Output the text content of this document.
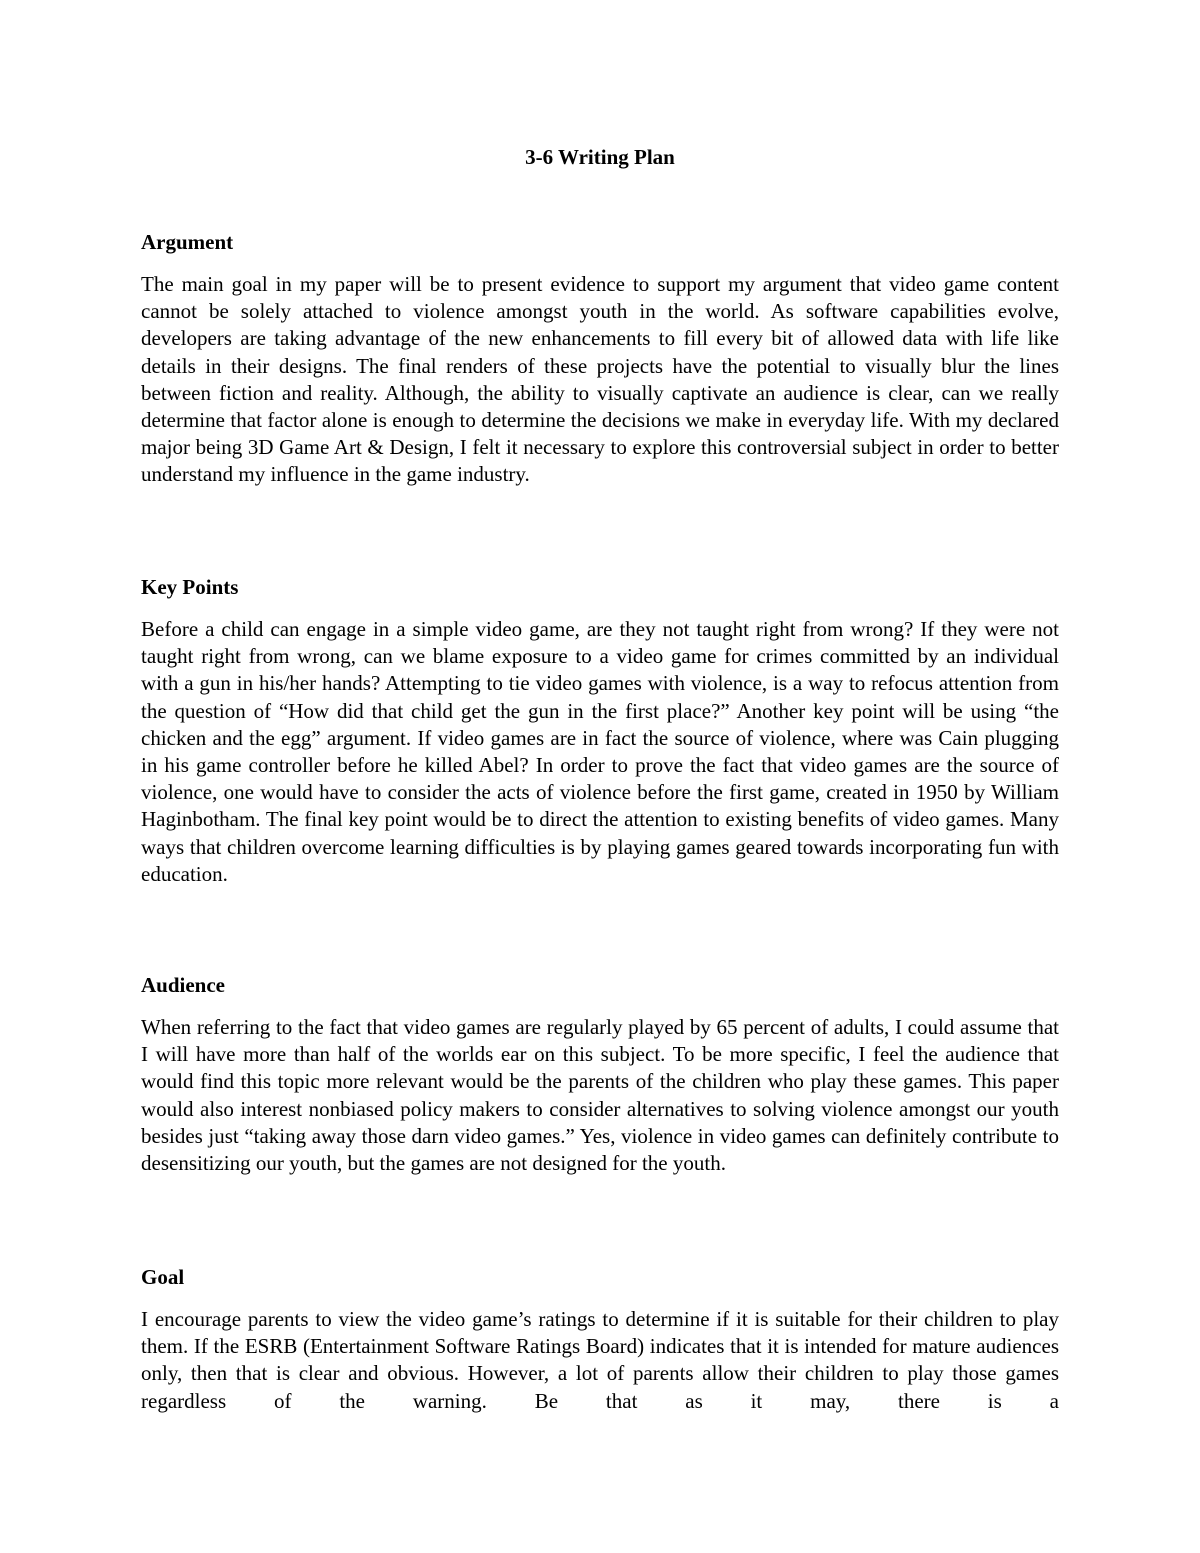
3-6 Writing Plan

Argument

The main goal in my paper will be to present evidence to support my argument that video game content cannot be solely attached to violence amongst youth in the world. As software capabilities evolve, developers are taking advantage of the new enhancements to fill every bit of allowed data with life like details in their designs. The final renders of these projects have the potential to visually blur the lines between fiction and reality. Although, the ability to visually captivate an audience is clear, can we really determine that factor alone is enough to determine the decisions we make in everyday life. With my declared major being 3D Game Art & Design, I felt it necessary to explore this controversial subject in order to better understand my influence in the game industry.

Key Points

Before a child can engage in a simple video game, are they not taught right from wrong? If they were not taught right from wrong, can we blame exposure to a video game for crimes committed by an individual with a gun in his/her hands? Attempting to tie video games with violence, is a way to refocus attention from the question of “How did that child get the gun in the first place?” Another key point will be using “the chicken and the egg” argument. If video games are in fact the source of violence, where was Cain plugging in his game controller before he killed Abel? In order to prove the fact that video games are the source of violence, one would have to consider the acts of violence before the first game, created in 1950 by William Haginbotham. The final key point would be to direct the attention to existing benefits of video games. Many ways that children overcome learning difficulties is by playing games geared towards incorporating fun with education.

Audience

When referring to the fact that video games are regularly played by 65 percent of adults, I could assume that I will have more than half of the worlds ear on this subject. To be more specific, I feel the audience that would find this topic more relevant would be the parents of the children who play these games. This paper would also interest nonbiased policy makers to consider alternatives to solving violence amongst our youth besides just “taking away those darn video games.” Yes, violence in video games can definitely contribute to desensitizing our youth, but the games are not designed for the youth.

Goal

I encourage parents to view the video game’s ratings to determine if it is suitable for their children to play them. If the ESRB (Entertainment Software Ratings Board) indicates that it is intended for mature audiences only, then that is clear and obvious. However, a lot of parents allow their children to play those games regardless of the warning. Be that as it may, there is a
